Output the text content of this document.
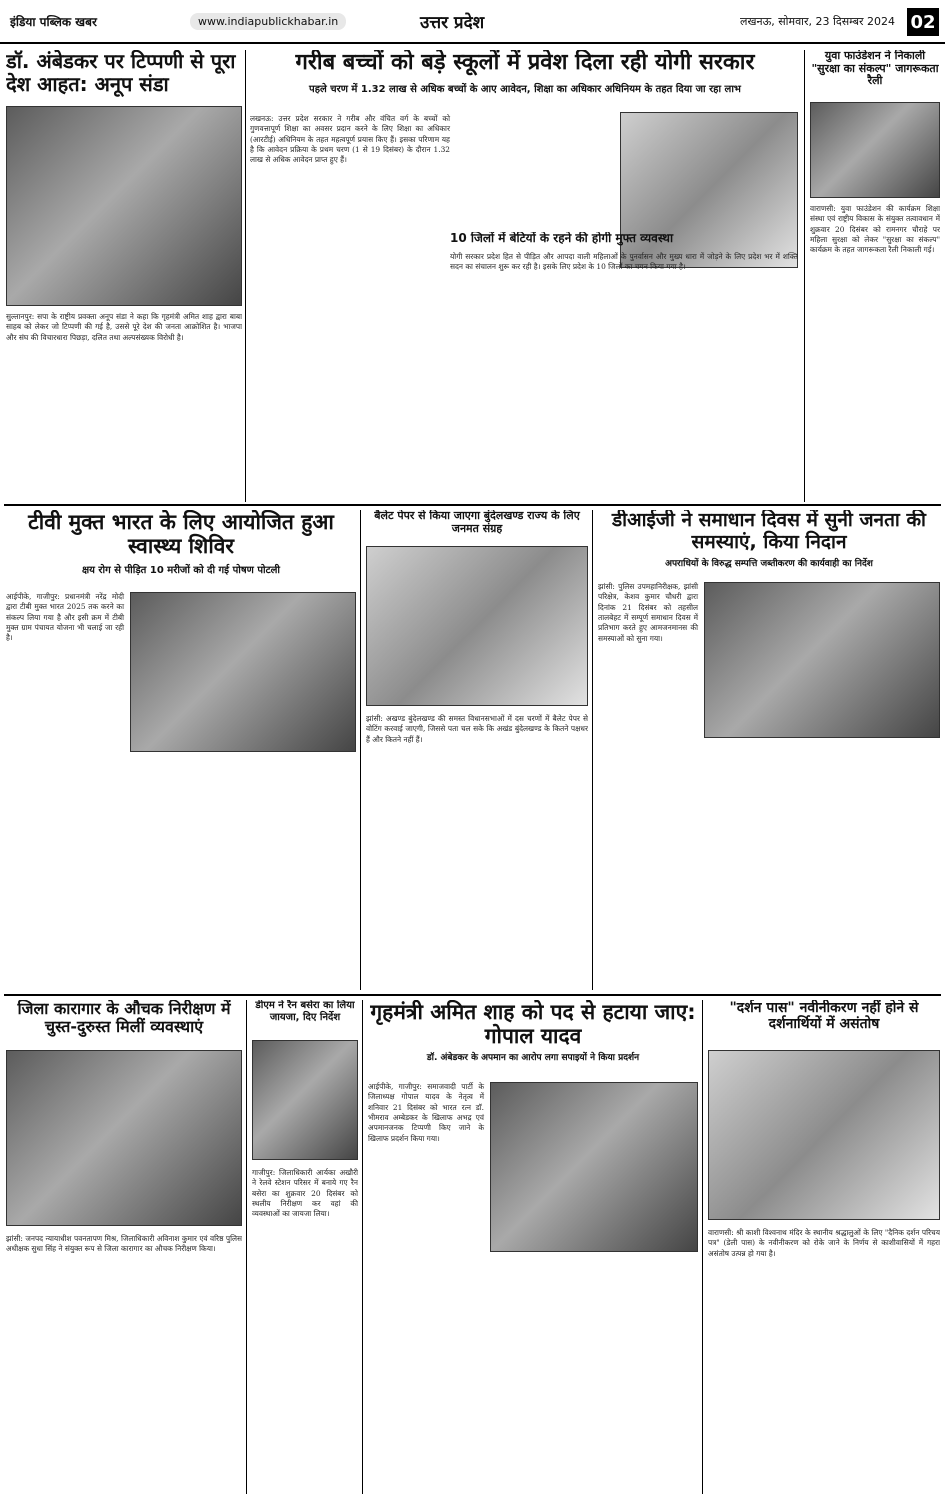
इंडिया पब्लिक खबर	www.indiapublickhabar.in	उत्तर प्रदेश	लखनऊ, सोमवार, 23 दिसम्बर 2024 02
डॉ. अंबेडकर पर टिप्पणी से पूरा देश आहत: अनूप संडा
सुल्तानपुर: सपा के राष्ट्रीय प्रवक्ता अनूप संडा ने कहा कि गृहमंत्री अमित शाह द्वारा बाबा साहब को लेकर जो टिप्पणी की गई है, उससे पूरे देश की जनता आक्रोशित है। भाजपा और संघ की विचारधारा पिछड़ा, दलित तथा अल्पसंख्यक विरोधी है।
गरीब बच्चों को बड़े स्कूलों में प्रवेश दिला रही योगी सरकार
पहले चरण में 1.32 लाख से अधिक बच्चों के आए आवेदन, शिक्षा का अधिकार अधिनियम के तहत दिया जा रहा लाभ
लखनऊ: उत्तर प्रदेश सरकार ने गरीब और वंचित वर्ग के बच्चों को गुणवत्तापूर्ण शिक्षा का अवसर प्रदान करने के लिए शिक्षा का अधिकार (आरटीई) अधिनियम के तहत महत्वपूर्ण प्रयास किए हैं। इसका परिणाम यह है कि आवेदन प्रक्रिया के प्रथम चरण (1 से 19 दिसंबर) के दौरान 1.32 लाख से अधिक आवेदन प्राप्त हुए हैं।
10 जिलों में बेटियों के रहने की होगी मुफ्त व्यवस्था
योगी सरकार प्रदेश हित से पीड़ित और आपदा वाली महिलाओं के पुनर्वासन और मुख्य धारा में जोड़ने के लिए प्रदेश भर में शक्ति सदन का संचालन शुरू कर रही है। इसके लिए प्रदेश के 10 जिलों का चयन किया गया है।
युवा फाउंडेशन ने निकाली "सुरक्षा का संकल्प" जागरूकता रैली
वाराणसी: युवा फाउंडेशन की कार्यक्रम शिक्षा संस्था एवं राष्ट्रीय विकास के संयुक्त तत्वावधान में शुक्रवार 20 दिसंबर को रामनगर चौराहे पर महिला सुरक्षा को लेकर "सुरक्षा का संकल्प" कार्यक्रम के तहत जागरूकता रैली निकाली गई।
टीवी मुक्त भारत के लिए आयोजित हुआ स्वास्थ्य शिविर
क्षय रोग से पीड़ित 10 मरीजों को दी गई पोषण पोटली
आईपीके, गाजीपुर: प्रधानमंत्री नरेंद्र मोदी द्वारा टीबी मुक्त भारत 2025 तक करने का संकल्प लिया गया है और इसी क्रम में टीबी मुक्त ग्राम पंचायत योजना भी चलाई जा रही है।
बैलेट पेपर से किया जाएगा बुंदेलखण्ड राज्य के लिए जनमत संग्रह
झांसी: अखण्ड बुंदेलखण्ड की समस्त विधानसभाओं में दस चरणों में बैलेट पेपर से वोटिंग करवाई जाएगी, जिससे पता चल सके कि अखंड बुंदेलखण्ड के कितने पक्षधर हैं और कितने नहीं हैं।
डीआईजी ने समाधान दिवस में सुनी जनता की समस्याएं, किया निदान
अपराधियों के विरुद्ध सम्पत्ति जब्तीकरण की कार्यवाही का निर्देश
झांसी: पुलिस उपमहानिरीक्षक, झांसी परिक्षेत्र, केशव कुमार चौधरी द्वारा दिनांक 21 दिसंबर को तहसील तालबेहट में सम्पूर्ण समाधान दिवस में प्रतिभाग करते हुए आमजनमानस की समस्याओं को सुना गया।
जिला कारागार के औचक निरीक्षण में चुस्त-दुरुस्त मिलीं व्यवस्थाएं
झांसी: जनपद न्यायाधीश पवनतापण मिश्र, जिलाधिकारी अविनाश कुमार एवं वरिष्ठ पुलिस अधीक्षक सुधा सिंह ने संयुक्त रूप से जिला कारागार का औचक निरीक्षण किया।
डीएम ने रैन बसेरा का लिया जायजा, दिए निर्देश
गाजीपुर: जिलाधिकारी आर्यका अखौरी ने रेलवे स्टेशन परिसर में बनाये गए रैन बसेरा का शुक्रवार 20 दिसंबर को स्थलीय निरीक्षण कर वहां की व्यवस्थाओं का जायजा लिया।
गृहमंत्री अमित शाह को पद से हटाया जाए: गोपाल यादव
डॉ. अंबेडकर के अपमान का आरोप लगा सपाइयों ने किया प्रदर्शन
आईपीके, गाजीपुर: समाजवादी पार्टी के जिलाध्यक्ष गोपाल यादव के नेतृत्व में शनिवार 21 दिसंबर को भारत रत्न डॉ. भीमराव अम्बेडकर के खिलाफ अभद्र एवं अपमानजनक टिप्पणी किए जाने के खिलाफ प्रदर्शन किया गया।
"दर्शन पास" नवीनीकरण नहीं होने से दर्शनार्थियों में असंतोष
वाराणसी: श्री काशी विश्वनाथ मंदिर के स्थानीय श्रद्धालुओं के लिए "दैनिक दर्शन परिचय पत्र" (डेली पास) के नवीनीकरण को रोके जाने के निर्णय से काशीवासियों में गहरा असंतोष उत्पन्न हो गया है।
